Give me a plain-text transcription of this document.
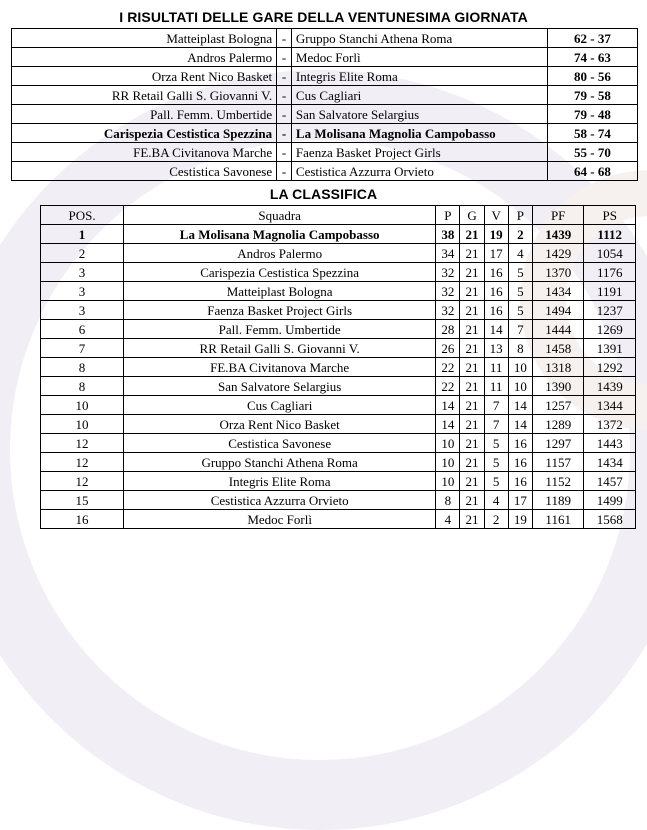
I RISULTATI DELLE GARE DELLA VENTUNESIMA GIORNATA
Matteiplast Bologna	-	Gruppo Stanchi Athena Roma	62 - 37
Andros Palermo	-	Medoc Forlì	74 - 63
Orza Rent Nico Basket	-	Integris Elite Roma	80 - 56
RR Retail Galli S. Giovanni V.	-	Cus Cagliari	79 - 58
Pall. Femm. Umbertide	-	San Salvatore Selargius	79 - 48
Carispezia Cestistica Spezzina	-	La Molisana Magnolia Campobasso	58 - 74
FE.BA Civitanova Marche	-	Faenza Basket Project Girls	55 - 70
Cestistica Savonese	-	Cestistica Azzurra Orvieto	64 - 68
LA CLASSIFICA
POS.	Squadra	P	G	V	P	PF	PS
1	La Molisana Magnolia Campobasso	38	21	19	2	1439	1112
2	Andros Palermo	34	21	17	4	1429	1054
3	Carispezia Cestistica Spezzina	32	21	16	5	1370	1176
3	Matteiplast Bologna	32	21	16	5	1434	1191
3	Faenza Basket Project Girls	32	21	16	5	1494	1237
6	Pall. Femm. Umbertide	28	21	14	7	1444	1269
7	RR Retail Galli S. Giovanni V.	26	21	13	8	1458	1391
8	FE.BA Civitanova Marche	22	21	11	10	1318	1292
8	San Salvatore Selargius	22	21	11	10	1390	1439
10	Cus Cagliari	14	21	7	14	1257	1344
10	Orza Rent Nico Basket	14	21	7	14	1289	1372
12	Cestistica Savonese	10	21	5	16	1297	1443
12	Gruppo Stanchi Athena Roma	10	21	5	16	1157	1434
12	Integris Elite Roma	10	21	5	16	1152	1457
15	Cestistica Azzurra Orvieto	8	21	4	17	1189	1499
16	Medoc Forlì	4	21	2	19	1161	1568
